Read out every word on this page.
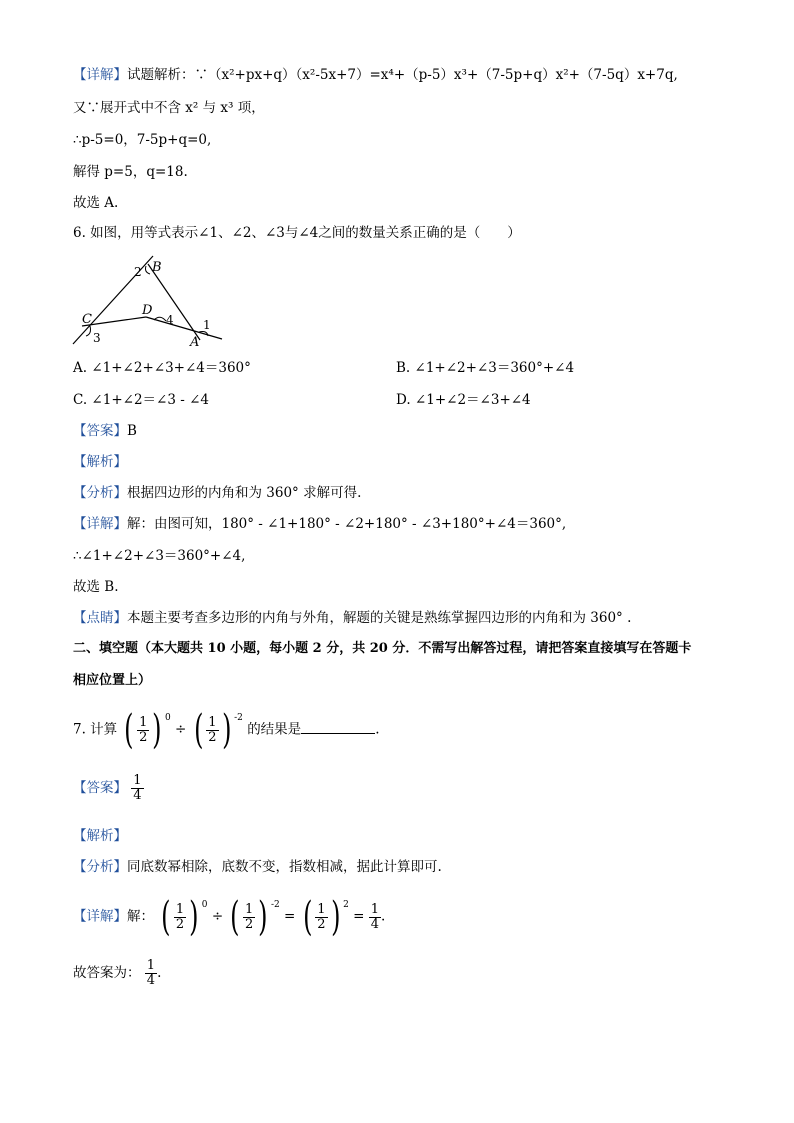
【详解】试题解析：∵（x²+px+q）（x²-5x+7）=x⁴+（p-5）x³+（7-5p+q）x²+（7-5q）x+7q,
又∵展开式中不含 x² 与 x³ 项，
∴p-5=0，7-5p+q=0,
解得 p=5，q=18.
故选 A.
6. 如图，用等式表示∠1、∠2、∠3与∠4之间的数量关系正确的是（　　）
B
2
C
3
D
4
A
1
A. ∠1+∠2+∠3+∠4＝360°	B. ∠1+∠2+∠3＝360°+∠4
C. ∠1+∠2＝∠3 - ∠4	D. ∠1+∠2＝∠3+∠4
【答案】B
【解析】
【分析】根据四边形的内角和为 360° 求解可得.
【详解】解：由图可知，180° - ∠1+180° - ∠2+180° - ∠3+180°+∠4＝360°,
∴∠1+∠2+∠3＝360°+∠4,
故选 B.
【点睛】本题主要考查多边形的内角与外角，解题的关键是熟练掌握四边形的内角和为 360° .
二、填空题（本大题共 10 小题，每小题 2 分，共 20 分．不需写出解答过程，请把答案直接填写在答题卡
相应位置上）
7. 计算 ( $\frac{1}{2}$ ) $^0$ ÷ ( $\frac{1}{2}$ ) $^{-2}$ 的结果是	.
【答案】 $\frac{1}{4}$
【解析】
【分析】同底数幂相除，底数不变，指数相减，据此计算即可.
【详解】解： ( $\frac{1}{2}$ ) $^0$ ÷ ( $\frac{1}{2}$ ) $^{-2}$ = ( $\frac{1}{2}$ ) $^2 = \frac{1}{4}$ .
故答案为： $\frac{1}{4}$ .
